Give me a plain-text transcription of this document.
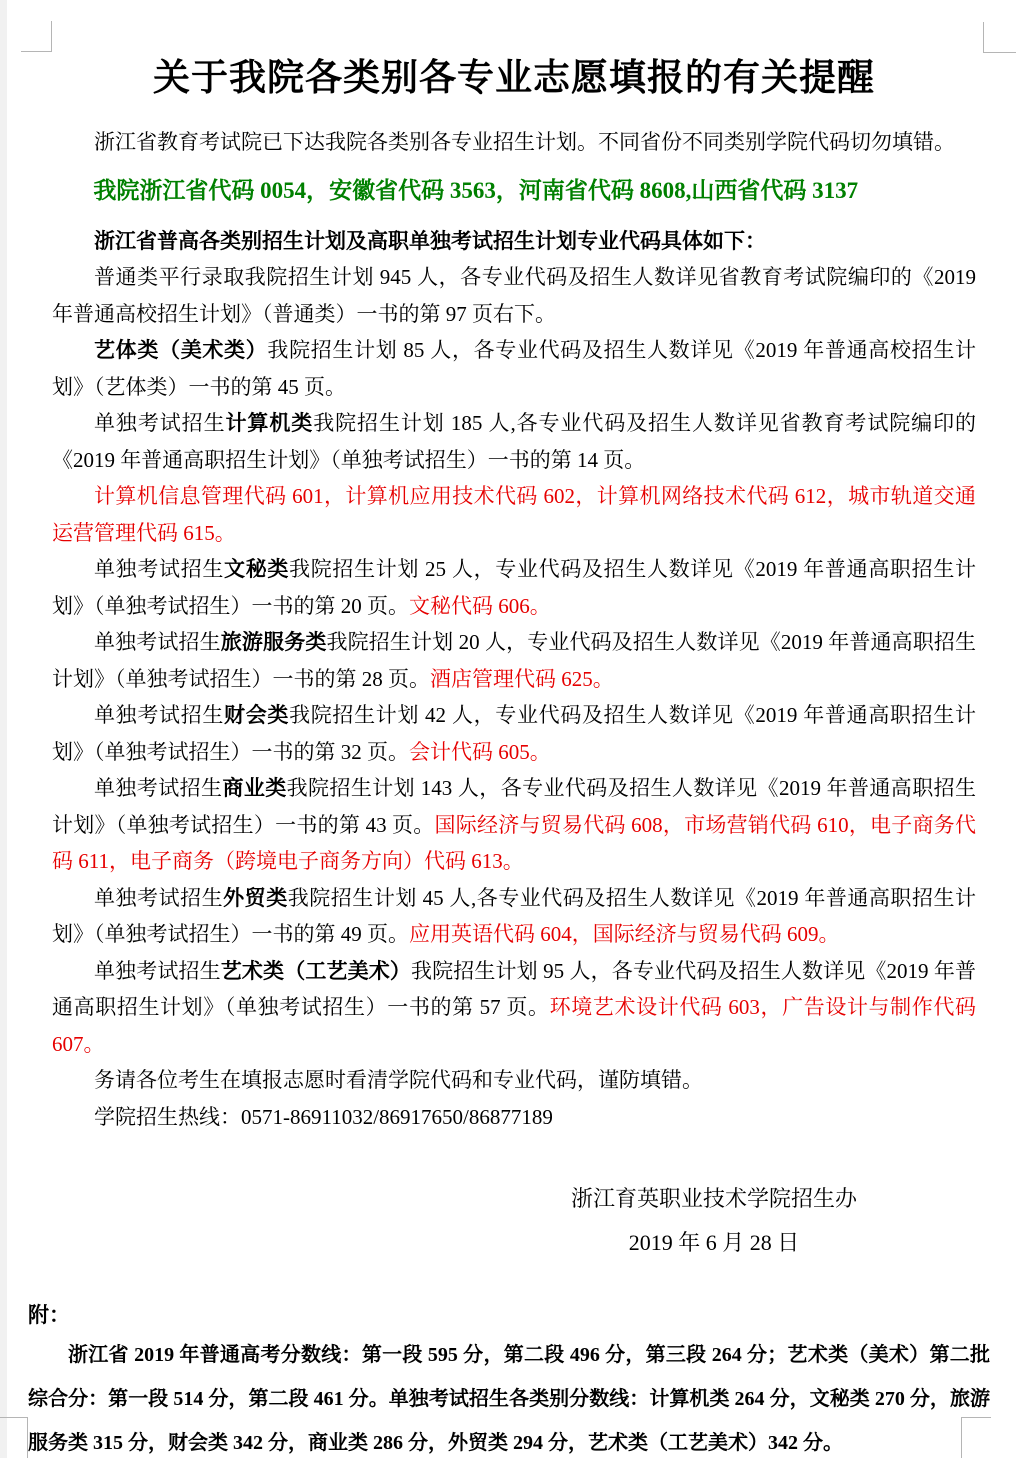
关于我院各类别各专业志愿填报的有关提醒

浙江省教育考试院已下达我院各类别各专业招生计划。不同省份不同类别学院代码切勿填错。

我院浙江省代码 0054，安徽省代码 3563，河南省代码 8608,山西省代码 3137

浙江省普高各类别招生计划及高职单独考试招生计划专业代码具体如下：

普通类平行录取我院招生计划 945 人，各专业代码及招生人数详见省教育考试院编印的《2019 年普通高校招生计划》（普通类）一书的第 97 页右下。

艺体类（美术类）我院招生计划 85 人，各专业代码及招生人数详见《2019 年普通高校招生计划》（艺体类）一书的第 45 页。

单独考试招生计算机类我院招生计划 185 人,各专业代码及招生人数详见省教育考试院编印的《2019 年普通高职招生计划》（单独考试招生）一书的第 14 页。

计算机信息管理代码 601，计算机应用技术代码 602，计算机网络技术代码 612，城市轨道交通运营管理代码 615。

单独考试招生文秘类我院招生计划 25 人，专业代码及招生人数详见《2019 年普通高职招生计划》（单独考试招生）一书的第 20 页。文秘代码 606。

单独考试招生旅游服务类我院招生计划 20 人，专业代码及招生人数详见《2019 年普通高职招生计划》（单独考试招生）一书的第 28 页。酒店管理代码 625。

单独考试招生财会类我院招生计划 42 人，专业代码及招生人数详见《2019 年普通高职招生计划》（单独考试招生）一书的第 32 页。会计代码 605。

单独考试招生商业类我院招生计划 143 人，各专业代码及招生人数详见《2019 年普通高职招生计划》（单独考试招生）一书的第 43 页。国际经济与贸易代码 608，市场营销代码 610，电子商务代码 611，电子商务（跨境电子商务方向）代码 613。

单独考试招生外贸类我院招生计划 45 人,各专业代码及招生人数详见《2019 年普通高职招生计划》（单独考试招生）一书的第 49 页。应用英语代码 604，国际经济与贸易代码 609。

单独考试招生艺术类（工艺美术）我院招生计划 95 人，各专业代码及招生人数详见《2019 年普通高职招生计划》（单独考试招生）一书的第 57 页。环境艺术设计代码 603，广告设计与制作代码 607。

务请各位考生在填报志愿时看清学院代码和专业代码，谨防填错。

学院招生热线：0571-86911032/86917650/86877189

浙江育英职业技术学院招生办
2019 年 6 月 28 日
附：

浙江省 2019 年普通高考分数线：第一段 595 分，第二段 496 分，第三段 264 分；艺术类（美术）第二批综合分：第一段 514 分，第二段 461 分。单独考试招生各类别分数线：计算机类 264 分，文秘类 270 分，旅游服务类 315 分，财会类 342 分，商业类 286 分，外贸类 294 分，艺术类（工艺美术）342 分。
